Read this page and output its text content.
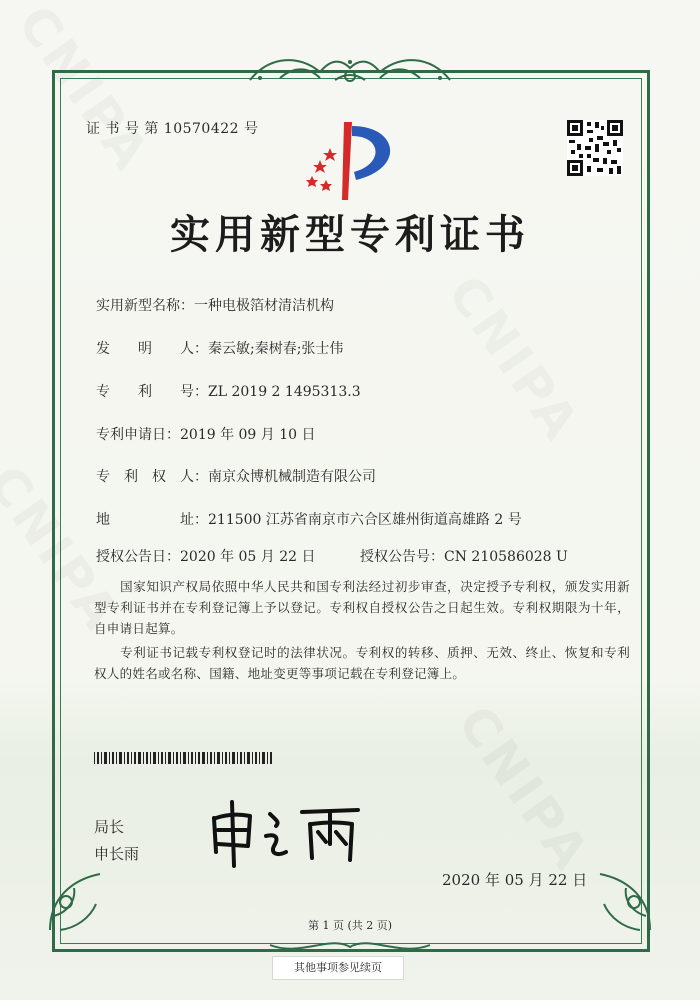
证 书 号 第 10570422 号
实用新型专利证书
实用新型名称：一种电极箔材清洁机构
发　　明　　人：秦云敏;秦树春;张士伟
专　　利　　号：ZL 2019 2 1495313.3
专利申请日：2019 年 09 月 10 日
专　利　权　人：南京众博机械制造有限公司
地　　　　　址：211500 江苏省南京市六合区雄州街道高雄路 2 号
授权公告日：2020 年 05 月 22 日	授权公告号：CN 210586028 U
　　国家知识产权局依照中华人民共和国专利法经过初步审查，决定授予专利权，颁发实用新型专利证书并在专利登记簿上予以登记。专利权自授权公告之日起生效。专利权期限为十年，自申请日起算。
　　专利证书记载专利权登记时的法律状况。专利权的转移、质押、无效、终止、恢复和专利权人的姓名或名称、国籍、地址变更等事项记载在专利登记簿上。
局长
申长雨
2020 年 05 月 22 日
第 1 页 (共 2 页)
其他事项参见续页
